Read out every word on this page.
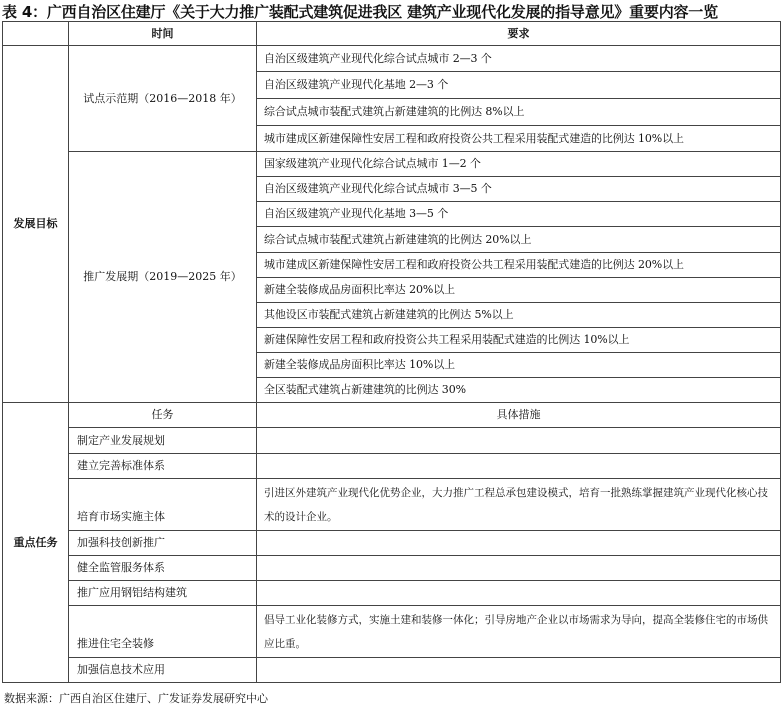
表 4：广西自治区住建厅《关于大力推广装配式建筑促进我区 建筑产业现代化发展的指导意见》重要内容一览
	时间	要求
发展目标	试点示范期（2016—2018 年）	自治区级建筑产业现代化综合试点城市 2—3 个
		自治区级建筑产业现代化基地 2—3 个
		综合试点城市装配式建筑占新建建筑的比例达 8%以上
		城市建成区新建保障性安居工程和政府投资公共工程采用装配式建造的比例达 10%以上
	推广发展期（2019—2025 年）	国家级建筑产业现代化综合试点城市 1—2 个
		自治区级建筑产业现代化综合试点城市 3—5 个
		自治区级建筑产业现代化基地 3—5 个
		综合试点城市装配式建筑占新建建筑的比例达 20%以上
		城市建成区新建保障性安居工程和政府投资公共工程采用装配式建造的比例达 20%以上
		新建全装修成品房面积比率达 20%以上
		其他设区市装配式建筑占新建建筑的比例达 5%以上
		新建保障性安居工程和政府投资公共工程采用装配式建造的比例达 10%以上
		新建全装修成品房面积比率达 10%以上
		全区装配式建筑占新建建筑的比例达 30%
重点任务	任务	具体措施
	制定产业发展规划	
	建立完善标准体系	
	培育市场实施主体	引进区外建筑产业现代化优势企业，大力推广工程总承包建设模式，培育一批熟练掌握建筑产业现代化核心技术的设计企业。
	加强科技创新推广	
	健全监管服务体系	
	推广应用钢铝结构建筑	
	推进住宅全装修	倡导工业化装修方式，实施土建和装修一体化；引导房地产企业以市场需求为导向，提高全装修住宅的市场供应比重。
	加强信息技术应用	
数据来源：广西自治区住建厅、广发证券发展研究中心
